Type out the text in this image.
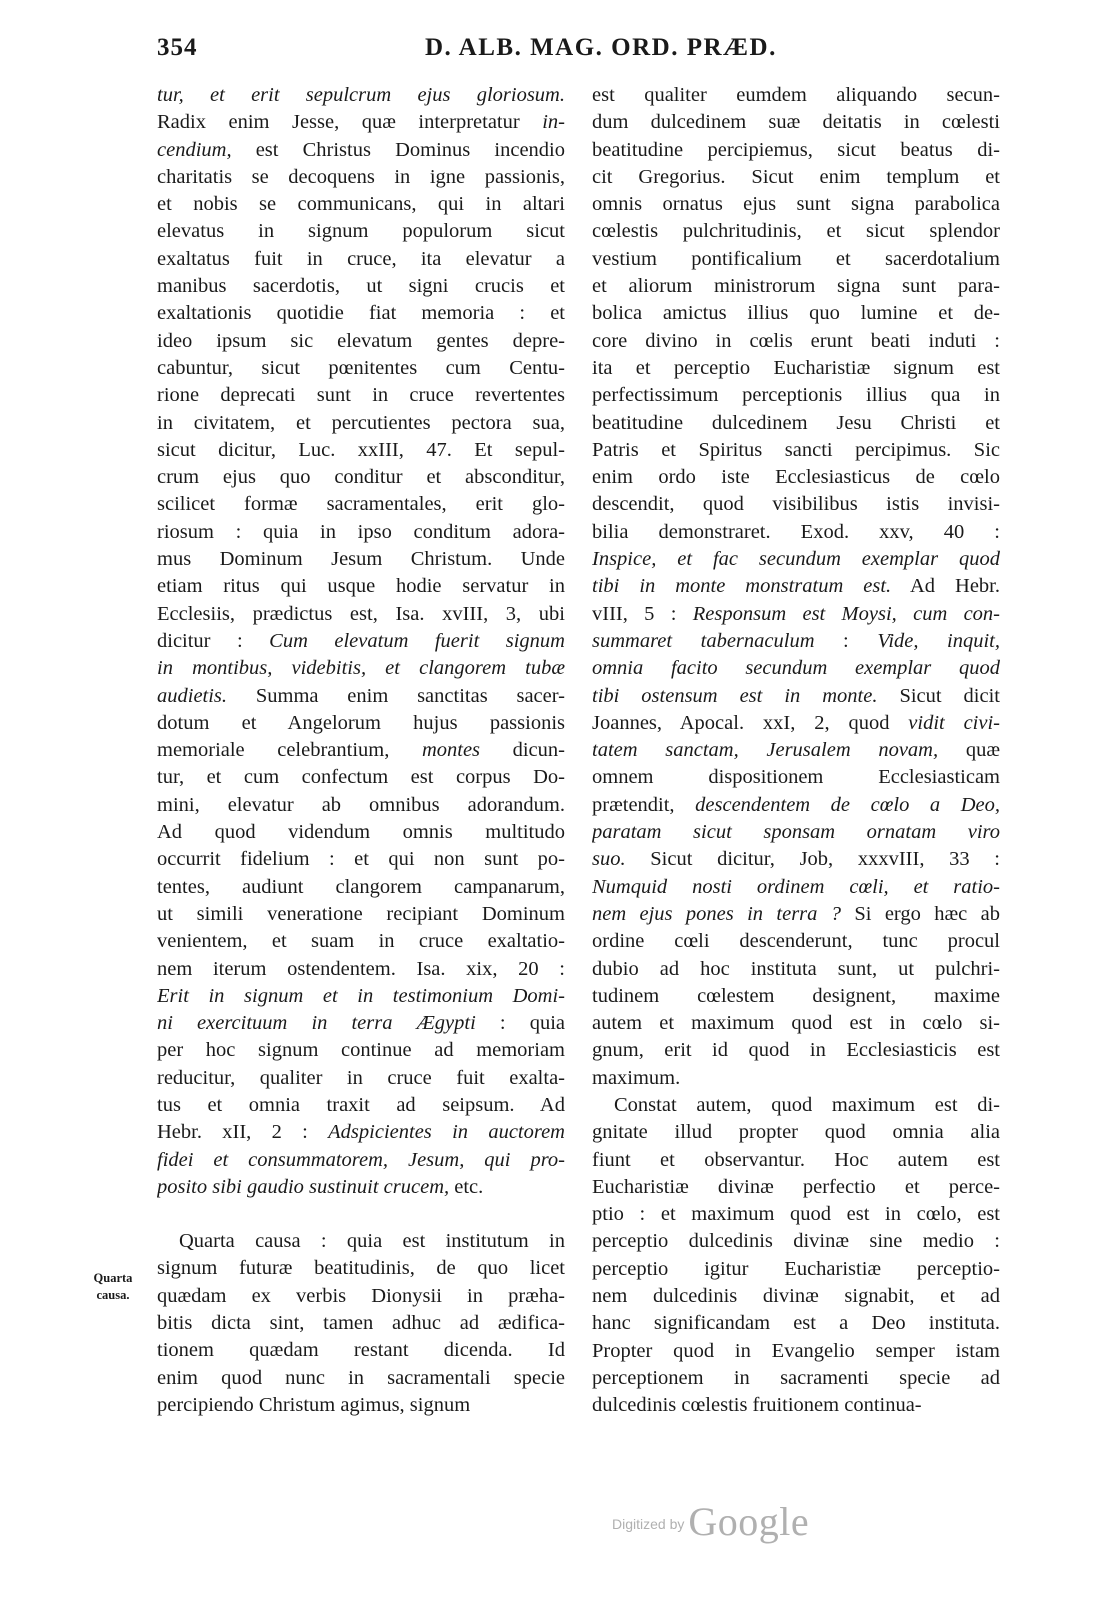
354	D. ALB. MAG. ORD. PRÆD.
Quarta
causa.
tur, et erit sepulcrum ejus gloriosum.
Radix enim Jesse, quæ interpretatur in-
cendium, est Christus Dominus incendio
charitatis se decoquens in igne passionis,
et nobis se communicans, qui in altari
elevatus in signum populorum sicut
exaltatus fuit in cruce, ita elevatur a
manibus sacerdotis, ut signi crucis et
exaltationis quotidie fiat memoria : et
ideo ipsum sic elevatum gentes depre-
cabuntur, sicut pœnitentes cum Centu-
rione deprecati sunt in cruce revertentes
in civitatem, et percutientes pectora sua,
sicut dicitur, Luc. xxIII, 47. Et sepul-
crum ejus quo conditur et absconditur,
scilicet formæ sacramentales, erit glo-
riosum : quia in ipso conditum adora-
mus Dominum Jesum Christum. Unde
etiam ritus qui usque hodie servatur in
Ecclesiis, prædictus est, Isa. xvIII, 3, ubi
dicitur : Cum elevatum fuerit signum
in montibus, videbitis, et clangorem tubæ
audietis. Summa enim sanctitas sacer-
dotum et Angelorum hujus passionis
memoriale celebrantium, montes dicun-
tur, et cum confectum est corpus Do-
mini, elevatur ab omnibus adorandum.
Ad quod videndum omnis multitudo
occurrit fidelium : et qui non sunt po-
tentes, audiunt clangorem campanarum,
ut simili veneratione recipiant Dominum
venientem, et suam in cruce exaltatio-
nem iterum ostendentem. Isa. xix, 20 :
Erit in signum et in testimonium Domi-
ni exercituum in terra Ægypti : quia
per hoc signum continue ad memoriam
reducitur, qualiter in cruce fuit exalta-
tus et omnia traxit ad seipsum. Ad
Hebr. xII, 2 : Adspicientes in auctorem
fidei et consummatorem, Jesum, qui pro-
posito sibi gaudio sustinuit crucem, etc.
Quarta causa : quia est institutum in
signum futuræ beatitudinis, de quo licet
quædam ex verbis Dionysii in præha-
bitis dicta sint, tamen adhuc ad ædifica-
tionem quædam restant dicenda. Id
enim quod nunc in sacramentali specie
percipiendo Christum agimus, signum
est qualiter eumdem aliquando secun-
dum dulcedinem suæ deitatis in cœlesti
beatitudine percipiemus, sicut beatus di-
cit Gregorius. Sicut enim templum et
omnis ornatus ejus sunt signa parabolica
cœlestis pulchritudinis, et sicut splendor
vestium pontificalium et sacerdotalium
et aliorum ministrorum signa sunt para-
bolica amictus illius quo lumine et de-
core divino in cœlis erunt beati induti :
ita et perceptio Eucharistiæ signum est
perfectissimum perceptionis illius qua in
beatitudine dulcedinem Jesu Christi et
Patris et Spiritus sancti percipimus. Sic
enim ordo iste Ecclesiasticus de cœlo
descendit, quod visibilibus istis invisi-
bilia demonstraret. Exod. xxv, 40 :
Inspice, et fac secundum exemplar quod
tibi in monte monstratum est. Ad Hebr.
vIII, 5 : Responsum est Moysi, cum con-
summaret tabernaculum : Vide, inquit,
omnia facito secundum exemplar quod
tibi ostensum est in monte. Sicut dicit
Joannes, Apocal. xxI, 2, quod vidit civi-
tatem sanctam, Jerusalem novam, quæ
omnem dispositionem Ecclesiasticam
prætendit, descendentem de cœlo a Deo,
paratam sicut sponsam ornatam viro
suo. Sicut dicitur, Job, xxxvIII, 33 :
Numquid nosti ordinem cœli, et ratio-
nem ejus pones in terra ? Si ergo hæc ab
ordine cœli descenderunt, tunc procul
dubio ad hoc instituta sunt, ut pulchri-
tudinem cœlestem designent, maxime
autem et maximum quod est in cœlo si-
gnum, erit id quod in Ecclesiasticis est
maximum.
Constat autem, quod maximum est di-
gnitate illud propter quod omnia alia
fiunt et observantur. Hoc autem est
Eucharistiæ divinæ perfectio et perce-
ptio : et maximum quod est in cœlo, est
perceptio dulcedinis divinæ sine medio :
perceptio igitur Eucharistiæ perceptio-
nem dulcedinis divinæ signabit, et ad
hanc significandam est a Deo instituta.
Propter quod in Evangelio semper istam
perceptionem in sacramenti specie ad
dulcedinis cœlestis fruitionem continua-
Digitized by Google
